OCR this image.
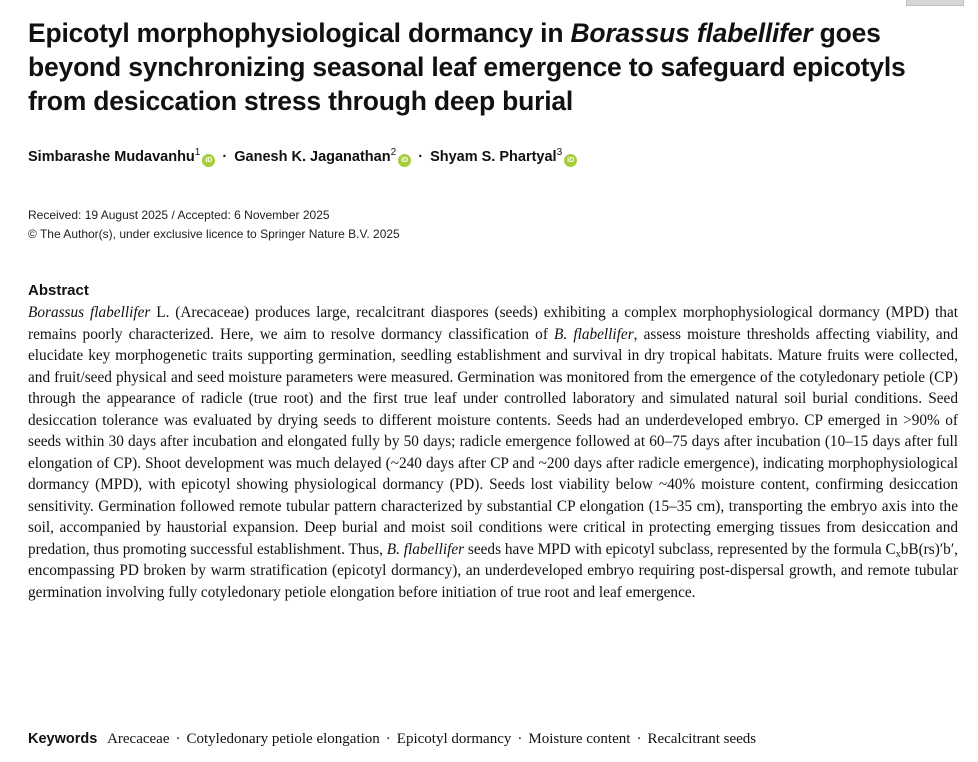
Epicotyl morphophysiological dormancy in Borassus flabellifer goes beyond synchronizing seasonal leaf emergence to safeguard epicotyls from desiccation stress through deep burial
Simbarashe Mudavanhu$^1$iD · Ganesh K. Jaganathan$^2$iD · Shyam S. Phartyal$^3$iD
Received: 19 August 2025 / Accepted: 6 November 2025
© The Author(s), under exclusive licence to Springer Nature B.V. 2025
Abstract

Borassus flabellifer L. (Arecaceae) produces large, recalcitrant diaspores (seeds) exhibiting a complex morphophysiological dormancy (MPD) that remains poorly characterized. Here, we aim to resolve dormancy classification of B. flabellifer, assess moisture thresholds affecting viability, and elucidate key morphogenetic traits supporting germination, seedling establishment and survival in dry tropical habitats. Mature fruits were collected, and fruit/seed physical and seed moisture parameters were measured. Germination was monitored from the emergence of the cotyledonary petiole (CP) through the appearance of radicle (true root) and the first true leaf under controlled laboratory and simulated natural soil burial conditions. Seed desiccation tolerance was evaluated by drying seeds to different moisture contents. Seeds had an underdeveloped embryo. CP emerged in >90% of seeds within 30 days after incubation and elongated fully by 50 days; radicle emergence followed at 60–75 days after incubation (10–15 days after full elongation of CP). Shoot development was much delayed (~240 days after CP and ~200 days after radicle emergence), indicating morphophysiological dormancy (MPD), with epicotyl showing physiological dormancy (PD). Seeds lost viability below ~40% moisture content, confirming desiccation sensitivity. Germination followed remote tubular pattern characterized by substantial CP elongation (15–35 cm), transporting the embryo axis into the soil, accompanied by haustorial expansion. Deep burial and moist soil conditions were critical in protecting emerging tissues from desiccation and predation, thus promoting successful establishment. Thus, B. flabellifer seeds have MPD with epicotyl subclass, represented by the formula $C_xbB(rs)'b'$, encompassing PD broken by warm stratification (epicotyl dormancy), an underdeveloped embryo requiring post-dispersal growth, and remote tubular germination involving fully cotyledonary petiole elongation before initiation of true root and leaf emergence.

Keywords Arecaceae · Cotyledonary petiole elongation · Epicotyl dormancy · Moisture content · Recalcitrant seeds
